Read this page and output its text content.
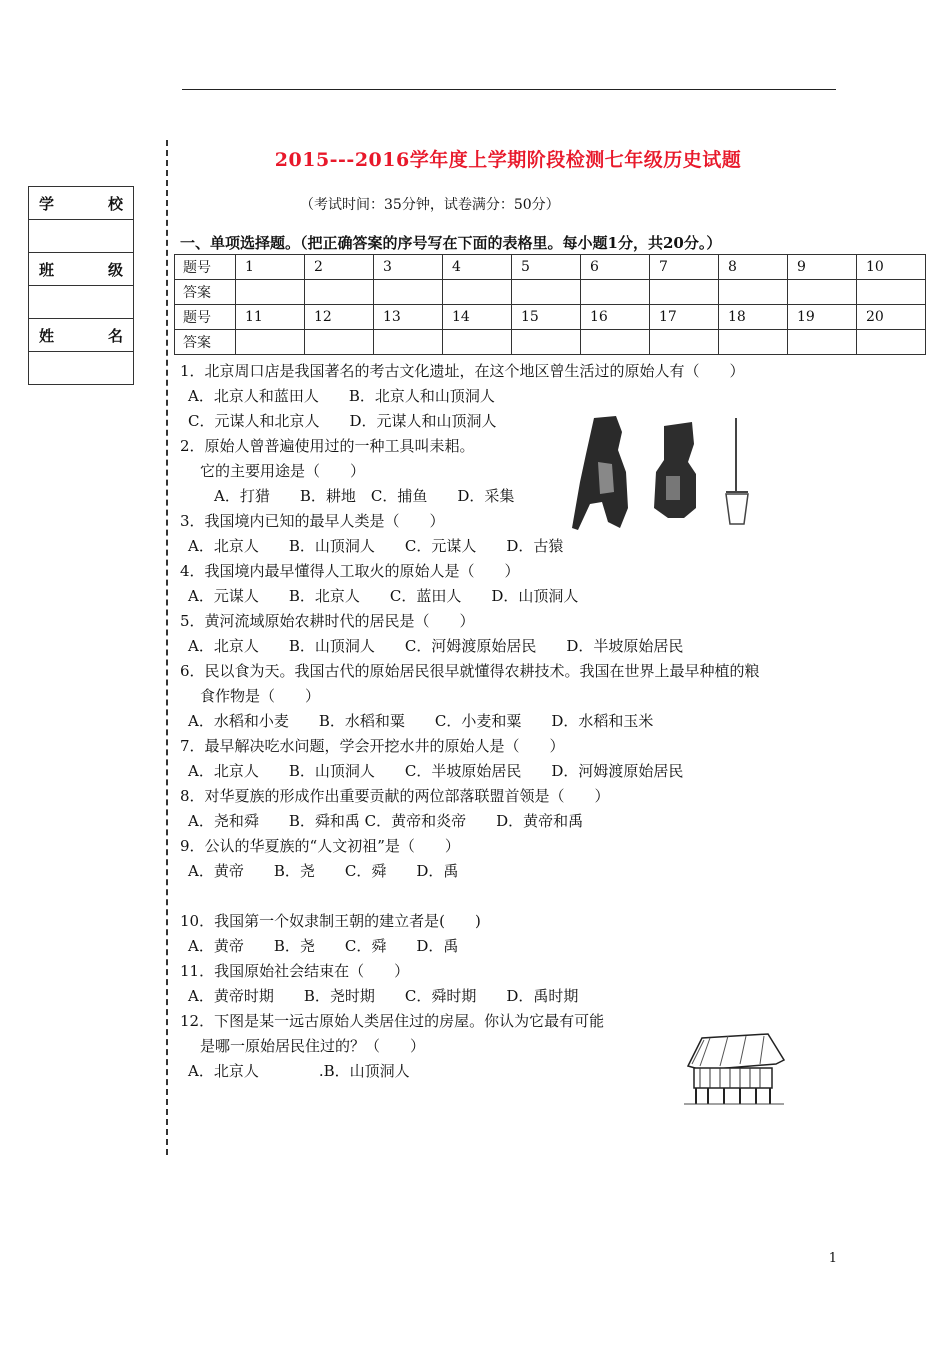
学	校

班	级

姓	名

2015---2016学年度上学期阶段检测七年级历史试题
（考试时间：35分钟，试卷满分：50分）
一、单项选择题。（把正确答案的序号写在下面的表格里。每小题1分，共20分。）
题号	1	2	3	4	5	6	7	8	9	10
答案										
题号	11	12	13	14	15	16	17	18	19	20
答案										
1．北京周口店是我国著名的考古文化遗址，在这个地区曾生活过的原始人有（　　）
A．北京人和蓝田人　　B．北京人和山顶洞人
C．元谋人和北京人　　D．元谋人和山顶洞人
2．原始人曾普遍使用过的一种工具叫耒耜。
它的主要用途是（　　）
A．打猎　　B．耕地　C．捕鱼　　D．采集
3．我国境内已知的最早人类是（　　）
A．北京人　　B．山顶洞人　　C．元谋人　　D．古猿
4．我国境内最早懂得人工取火的原始人是（　　）
A．元谋人　　B．北京人　　C．蓝田人　　D．山顶洞人
5．黄河流域原始农耕时代的居民是（　　）
A．北京人　　B．山顶洞人　　C．河姆渡原始居民　　D．半坡原始居民
6．民以食为天。我国古代的原始居民很早就懂得农耕技术。我国在世界上最早种植的粮
食作物是（　　）
A．水稻和小麦　　B．水稻和粟　　C．小麦和粟　　D．水稻和玉米
7．最早解决吃水问题，学会开挖水井的原始人是（　　）
A．北京人　　B．山顶洞人　　C．半坡原始居民　　D．河姆渡原始居民
8．对华夏族的形成作出重要贡献的两位部落联盟首领是（　　）
A．尧和舜　　B．舜和禹 C．黄帝和炎帝　　D．黄帝和禹
9．公认的华夏族的“人文初祖”是（　　）
A．黄帝　　B．尧　　C．舜　　D．禹
10．我国第一个奴隶制王朝的建立者是(　　)
A．黄帝　　B．尧　　C．舜　　D．禹
11．我国原始社会结束在（　　）
A．黄帝时期　　B．尧时期　　C．舜时期　　D．禹时期
12．下图是某一远古原始人类居住过的房屋。你认为它最有可能
是哪一原始居民住过的？（　　）
A．北京人　　　　.B．山顶洞人
1
